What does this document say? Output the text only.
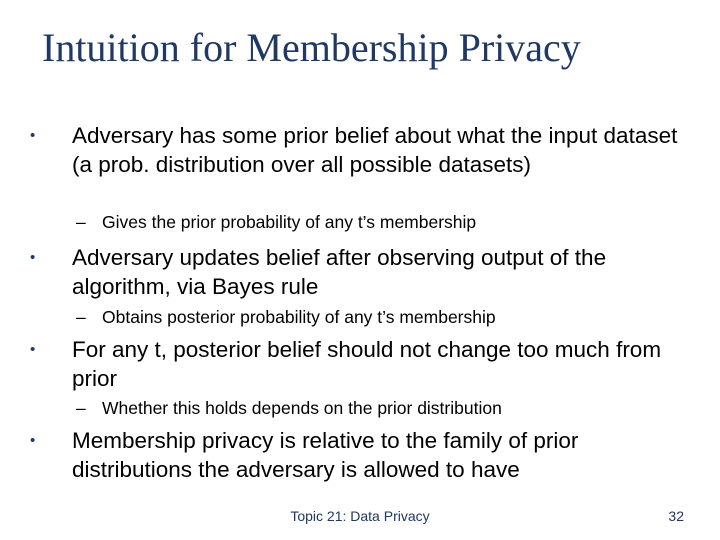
Intuition for Membership Privacy
•	Adversary has some prior belief about what the input dataset (a prob. distribution over all possible datasets)
– Gives the prior probability of any t’s membership
•	Adversary updates belief after observing output of the algorithm, via Bayes rule
– Obtains posterior probability of any t’s membership
•	For any t, posterior belief should not change too much from prior
– Whether this holds depends on the prior distribution
•	Membership privacy is relative to the family of prior distributions the adversary is allowed to have
Topic 21: Data Privacy	32
